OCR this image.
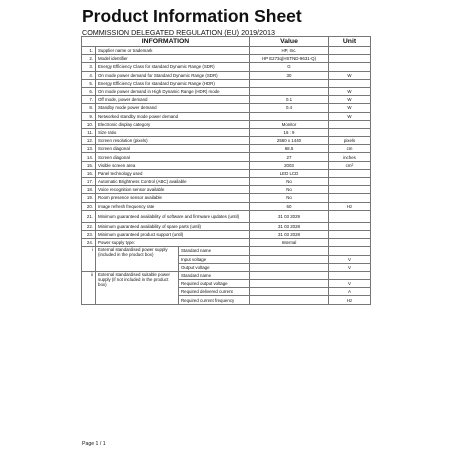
Product Information Sheet
COMMISSION DELEGATED REGULATION (EU) 2019/2013
INFORMATION			Value	Unit
1.	Supplier name or trademark		HP, Inc.	
2.	Model identifier		HP E273q(HSTND-9631-Q)	
3.	Energy Efficiency Class for standard Dynamic Range (SDR)		G	
4.	On mode power demand for Standard Dynamic Range (SDR)		30	W
5.	Energy Efficiency Class for standard Dynamic Range (HDR)			
6.	On mode power demand in High Dynamic Range (HDR) mode			W
7.	Off mode, power demand		0.1	W
8.	Standby mode power demand		0.4	W
9.	Networked standby mode power demand			W
10.	Electronic display category		Monitor	
11.	Size ratio		16 : 9	
12.	Screen resolution (pixels)		2560 x 1440	pixels
13.	Screen diagonal		68.5	cm
14.	Screen diagonal		27	inches
15.	Visible screen area		2003	$cm^2$
16.	Panel technology used		LED LCD	
17.	Automatic Brightness Control (ABC) available		No	
18.	Voice recognition sensor available		No	
19.	Room presence sensor available		No	
20.	Image refresh frequency rate		60	Hz
21.	Minimum guaranteed availability of software and firmware updates (until)		31 03 2029	
22.	Minimum guaranteed availability of spare parts (until)		31 03 2028	
23.	Minimum guaranteed product support (until)		31 03 2028	
24.	Power supply type:		Internal	
i	External standardised power supply (included in the product box)	Standard name		
		Input voltage		V
		Output voltage		V
ii	External standardised suitable power supply (if not included in the product box)	Standard name		
		Required output voltage		V
		Required delivered current		A
		Required current frequency		Hz
Page 1 / 1
